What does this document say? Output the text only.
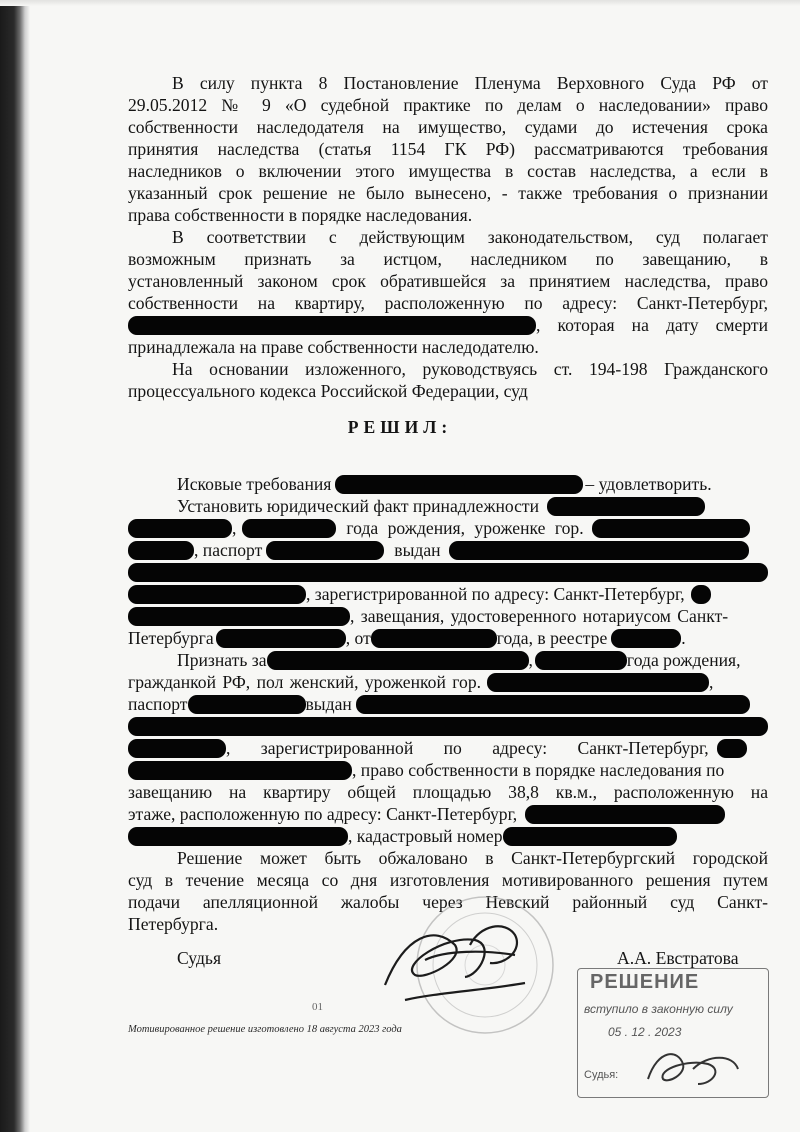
В силу пункта 8 Постановление Пленума Верховного Суда РФ от
29.05.2012 № 9 «О судебной практике по делам о наследовании» право
собственности наследодателя на имущество, судами до истечения срока
принятия наследства (статья 1154 ГК РФ) рассматриваются требования
наследников о включении этого имущества в состав наследства, а если в
указанный срок решение не было вынесено, - также требования о признании
права собственности в порядке наследования.
В соответствии с действующим законодательством, суд полагает
возможным признать за истцом, наследником по завещанию, в
установленный законом срок обратившейся за принятием наследства, право
собственности на квартиру, расположенную по адресу: Санкт-Петербург,
, которая на дату смерти
принадлежала на праве собственности наследодателю.
На основании изложенного, руководствуясь ст. 194-198 Гражданского
процессуального кодекса Российской Федерации, суд
РЕШИЛ:
Исковые требования	– удовлетворить.
Установить юридический факт принадлежности
,	года рождения, уроженке гор.
, паспорт	выдан
, зарегистрированной по адресу: Санкт-Петербург,
, завещания, удостоверенного нотариусом Санкт-
Петербурга	, от	года, в реестре	.
Признать за	,	года рождения,
гражданкой РФ, пол женский, уроженкой гор.	,
паспорт	выдан
, зарегистрированной по адресу: Санкт-Петербург,
, право собственности в порядке наследования по
завещанию на квартиру общей площадью 38,8 кв.м., расположенную на
этаже, расположенную по адресу: Санкт-Петербург,
, кадастровый номер
Решение может быть обжаловано в Санкт-Петербургский городской
суд в течение месяца со дня изготовления мотивированного решения путем
подачи апелляционной жалобы через Невский районный суд Санкт-
Петербурга.
Судья	А.А. Евстратова
01
Мотивированное решение изготовлено 18 августа 2023 года
РЕШЕНИЕ
вступило в законную силу
05 . 12 . 2023
Судья:
